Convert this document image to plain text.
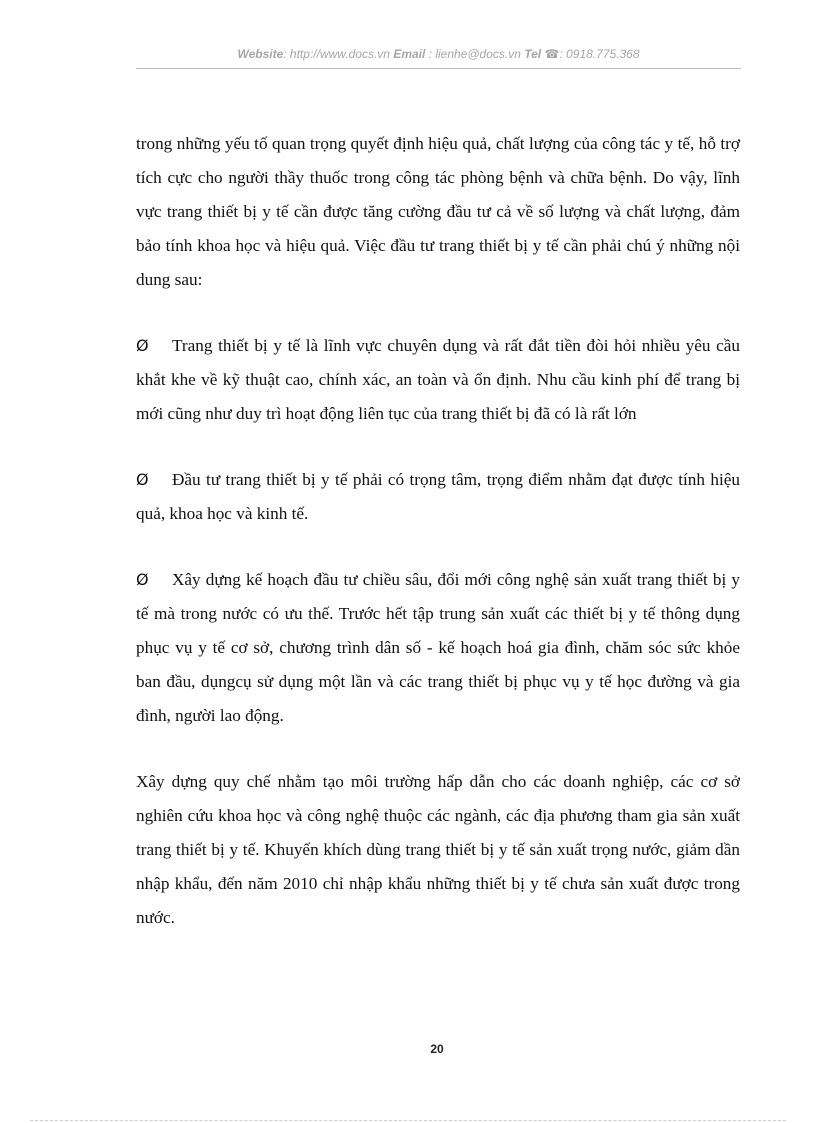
Website: http://www.docs.vn Email : lienhe@docs.vn Tel ☎: 0918.775.368

trong những yếu tố quan trọng quyết định hiệu quả, chất lượng của công tác y tế, hỗ trợ tích cực cho người thầy thuốc trong công tác phòng bệnh và chữa bệnh. Do vậy, lĩnh vực trang thiết bị y tế cần được tăng cường đầu tư cả về số lượng và chất lượng, đảm bảo tính khoa học và hiệu quả. Việc đầu tư trang thiết bị y tế cần phải chú ý những nội dung sau:

Ø Trang thiết bị y tế là lĩnh vực chuyên dụng và rất đắt tiền đòi hỏi nhiều yêu cầu khắt khe về kỹ thuật cao, chính xác, an toàn và ổn định. Nhu cầu kinh phí để trang bị mới cũng như duy trì hoạt động liên tục của trang thiết bị đã có là rất lớn

Ø Đầu tư trang thiết bị y tế phải có trọng tâm, trọng điểm nhằm đạt được tính hiệu quả, khoa học và kinh tế.

Ø Xây dựng kế hoạch đầu tư chiều sâu, đổi mới công nghệ sản xuất trang thiết bị y tế mà trong nước có ưu thế. Trước hết tập trung sản xuất các thiết bị y tế thông dụng phục vụ y tế cơ sở, chương trình dân số - kế hoạch hoá gia đình, chăm sóc sức khỏe ban đầu, dụngcụ sử dụng một lần và các trang thiết bị phục vụ y tế học đường và gia đình, người lao động.

Xây dựng quy chế nhằm tạo môi trường hấp dẫn cho các doanh nghiệp, các cơ sở nghiên cứu khoa học và công nghệ thuộc các ngành, các địa phương tham gia sản xuất trang thiết bị y tế. Khuyến khích dùng trang thiết bị y tế sản xuất trọng nước, giảm dần nhập khẩu, đến năm 2010 chỉ nhập khẩu những thiết bị y tế chưa sản xuất được trong nước.

20
